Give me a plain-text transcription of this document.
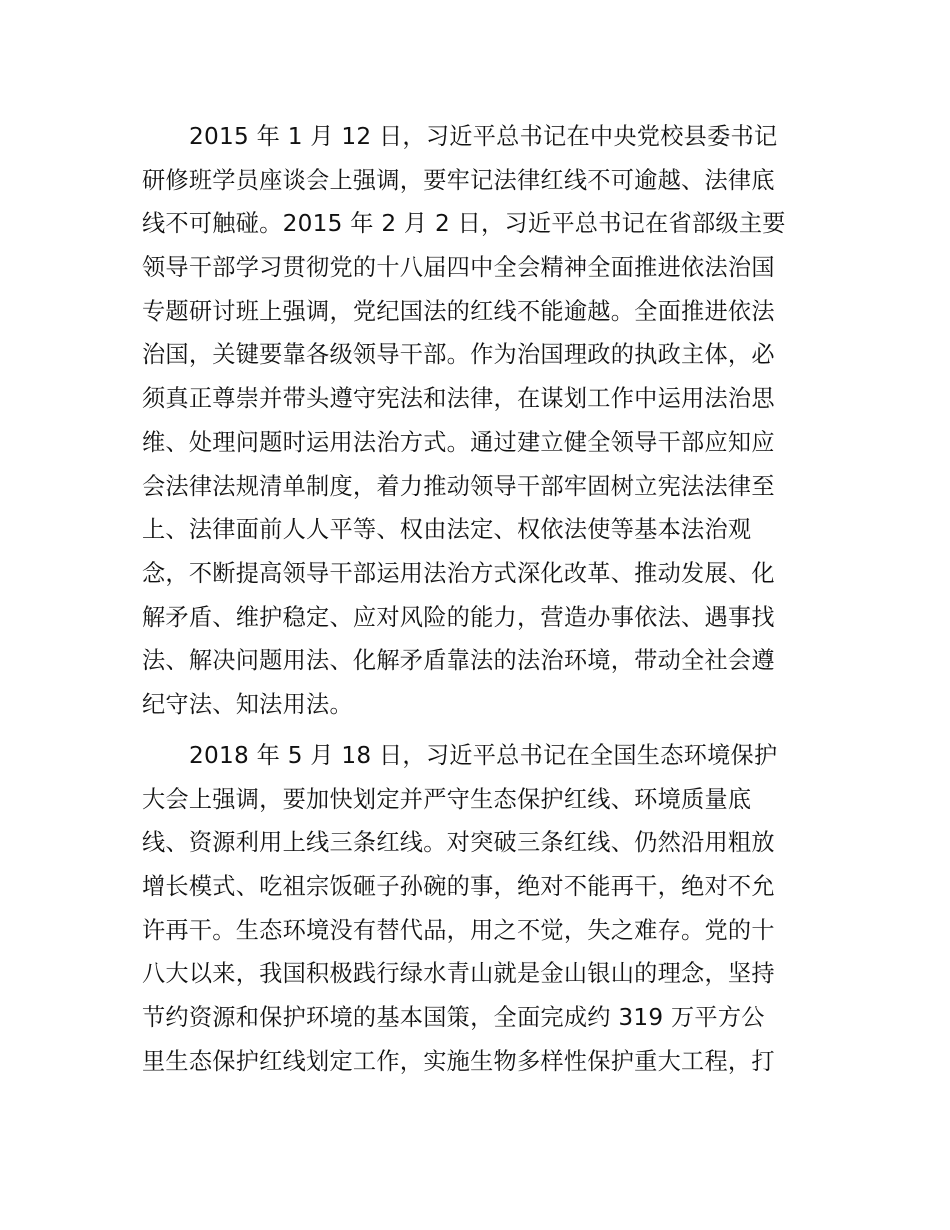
2015 年 1 月 12 日，习近平总书记在中央党校县委书记
研修班学员座谈会上强调，要牢记法律红线不可逾越、法律底
线不可触碰。2015 年 2 月 2 日，习近平总书记在省部级主要
领导干部学习贯彻党的十八届四中全会精神全面推进依法治国
专题研讨班上强调，党纪国法的红线不能逾越。全面推进依法
治国，关键要靠各级领导干部。作为治国理政的执政主体，必
须真正尊崇并带头遵守宪法和法律，在谋划工作中运用法治思
维、处理问题时运用法治方式。通过建立健全领导干部应知应
会法律法规清单制度，着力推动领导干部牢固树立宪法法律至
上、法律面前人人平等、权由法定、权依法使等基本法治观
念，不断提高领导干部运用法治方式深化改革、推动发展、化
解矛盾、维护稳定、应对风险的能力，营造办事依法、遇事找
法、解决问题用法、化解矛盾靠法的法治环境，带动全社会遵
纪守法、知法用法。

2018 年 5 月 18 日，习近平总书记在全国生态环境保护
大会上强调，要加快划定并严守生态保护红线、环境质量底
线、资源利用上线三条红线。对突破三条红线、仍然沿用粗放
增长模式、吃祖宗饭砸子孙碗的事，绝对不能再干，绝对不允
许再干。生态环境没有替代品，用之不觉，失之难存。党的十
八大以来，我国积极践行绿水青山就是金山银山的理念，坚持
节约资源和保护环境的基本国策，全面完成约 319 万平方公
里生态保护红线划定工作，实施生物多样性保护重大工程，打
